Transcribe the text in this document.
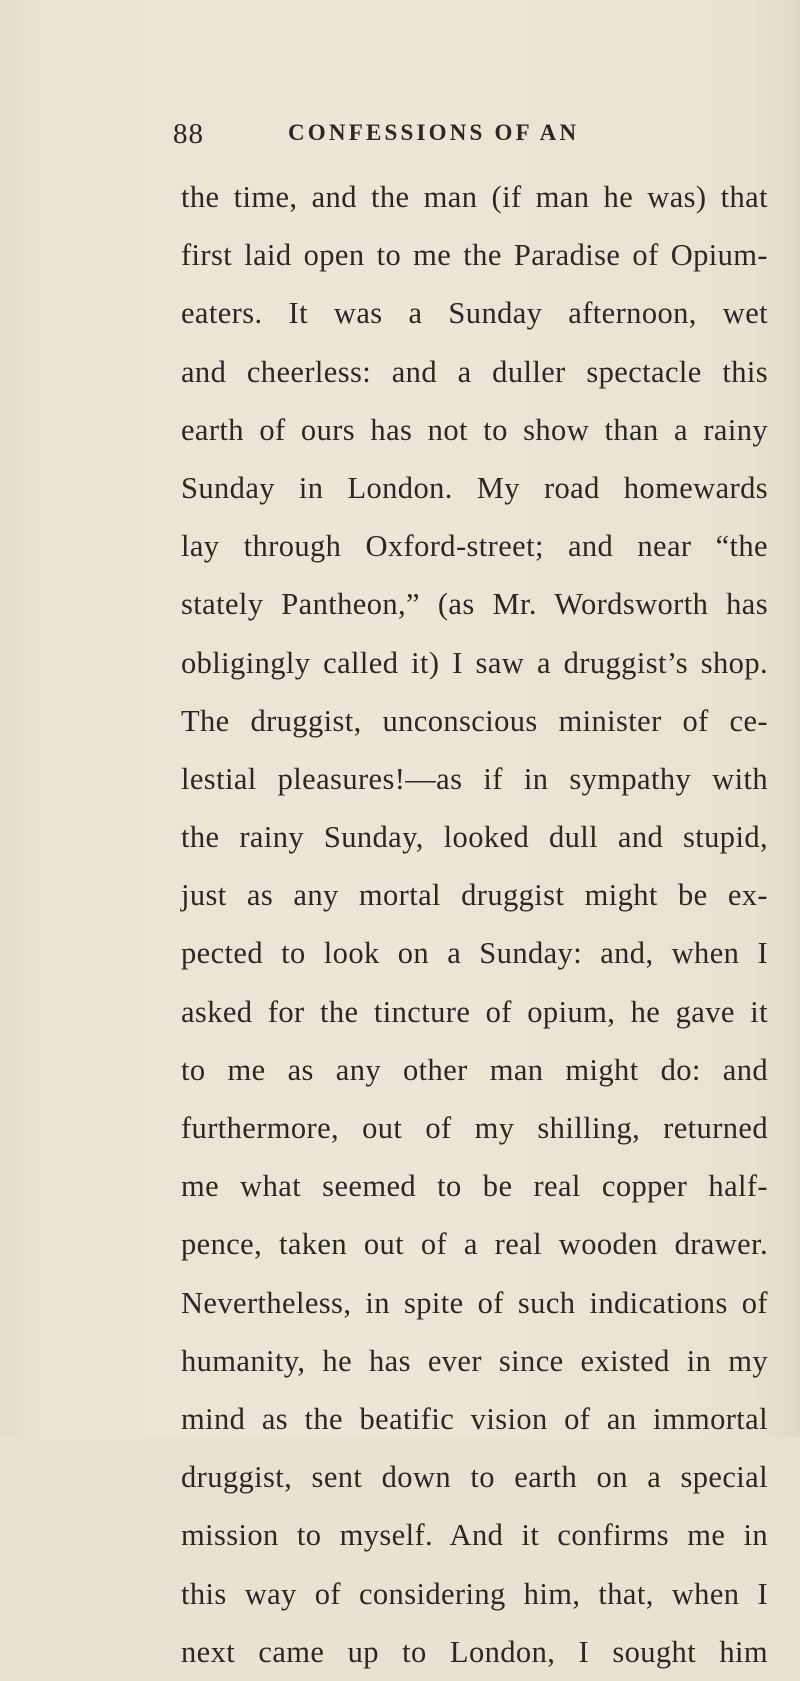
88	CONFESSIONS OF AN
the time, and the man (if man he was) that
first laid open to me the Paradise of Opium-
eaters. It was a Sunday afternoon, wet
and cheerless: and a duller spectacle this
earth of ours has not to show than a rainy
Sunday in London. My road homewards
lay through Oxford-street; and near “the
stately Pantheon,” (as Mr. Wordsworth has
obligingly called it) I saw a druggist’s shop.
The druggist, unconscious minister of ce-
lestial pleasures!—as if in sympathy with
the rainy Sunday, looked dull and stupid,
just as any mortal druggist might be ex-
pected to look on a Sunday: and, when I
asked for the tincture of opium, he gave it
to me as any other man might do: and
furthermore, out of my shilling, returned
me what seemed to be real copper half-
pence, taken out of a real wooden drawer.
Nevertheless, in spite of such indications of
humanity, he has ever since existed in my
mind as the beatific vision of an immortal
druggist, sent down to earth on a special
mission to myself. And it confirms me in
this way of considering him, that, when I
next came up to London, I sought him
